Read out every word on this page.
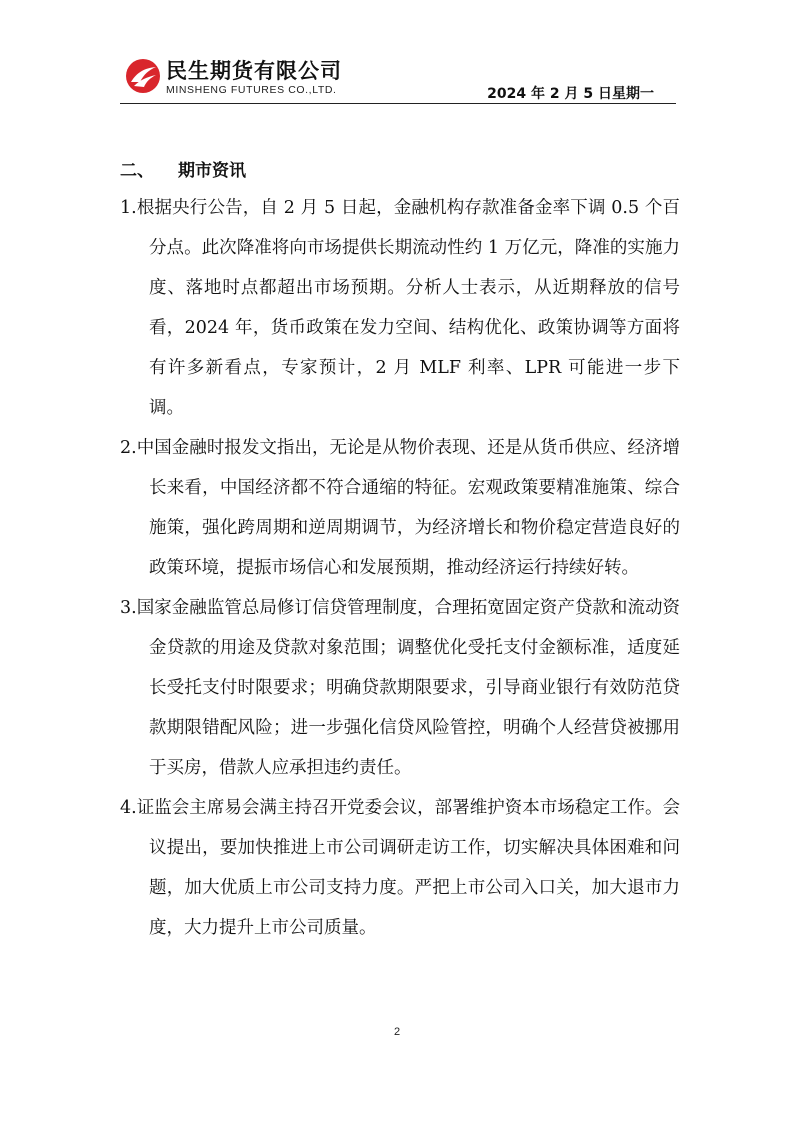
民生期货有限公司
MINSHENG FUTURES CO.,LTD.	2024 年 2 月 5 日星期一
二、 期市资讯

1.根据央行公告，自 2 月 5 日起，金融机构存款准备金率下调 0.5 个百分点。此次降准将向市场提供长期流动性约 1 万亿元，降准的实施力度、落地时点都超出市场预期。分析人士表示，从近期释放的信号看，2024 年，货币政策在发力空间、结构优化、政策协调等方面将有许多新看点，专家预计，2 月 MLF 利率、LPR 可能进一步下调。

2.中国金融时报发文指出，无论是从物价表现、还是从货币供应、经济增长来看，中国经济都不符合通缩的特征。宏观政策要精准施策、综合施策，强化跨周期和逆周期调节，为经济增长和物价稳定营造良好的政策环境，提振市场信心和发展预期，推动经济运行持续好转。

3.国家金融监管总局修订信贷管理制度，合理拓宽固定资产贷款和流动资金贷款的用途及贷款对象范围；调整优化受托支付金额标准，适度延长受托支付时限要求；明确贷款期限要求，引导商业银行有效防范贷款期限错配风险；进一步强化信贷风险管控，明确个人经营贷被挪用于买房，借款人应承担违约责任。

4.证监会主席易会满主持召开党委会议，部署维护资本市场稳定工作。会议提出，要加快推进上市公司调研走访工作，切实解决具体困难和问题，加大优质上市公司支持力度。严把上市公司入口关，加大退市力度，大力提升上市公司质量。

2
